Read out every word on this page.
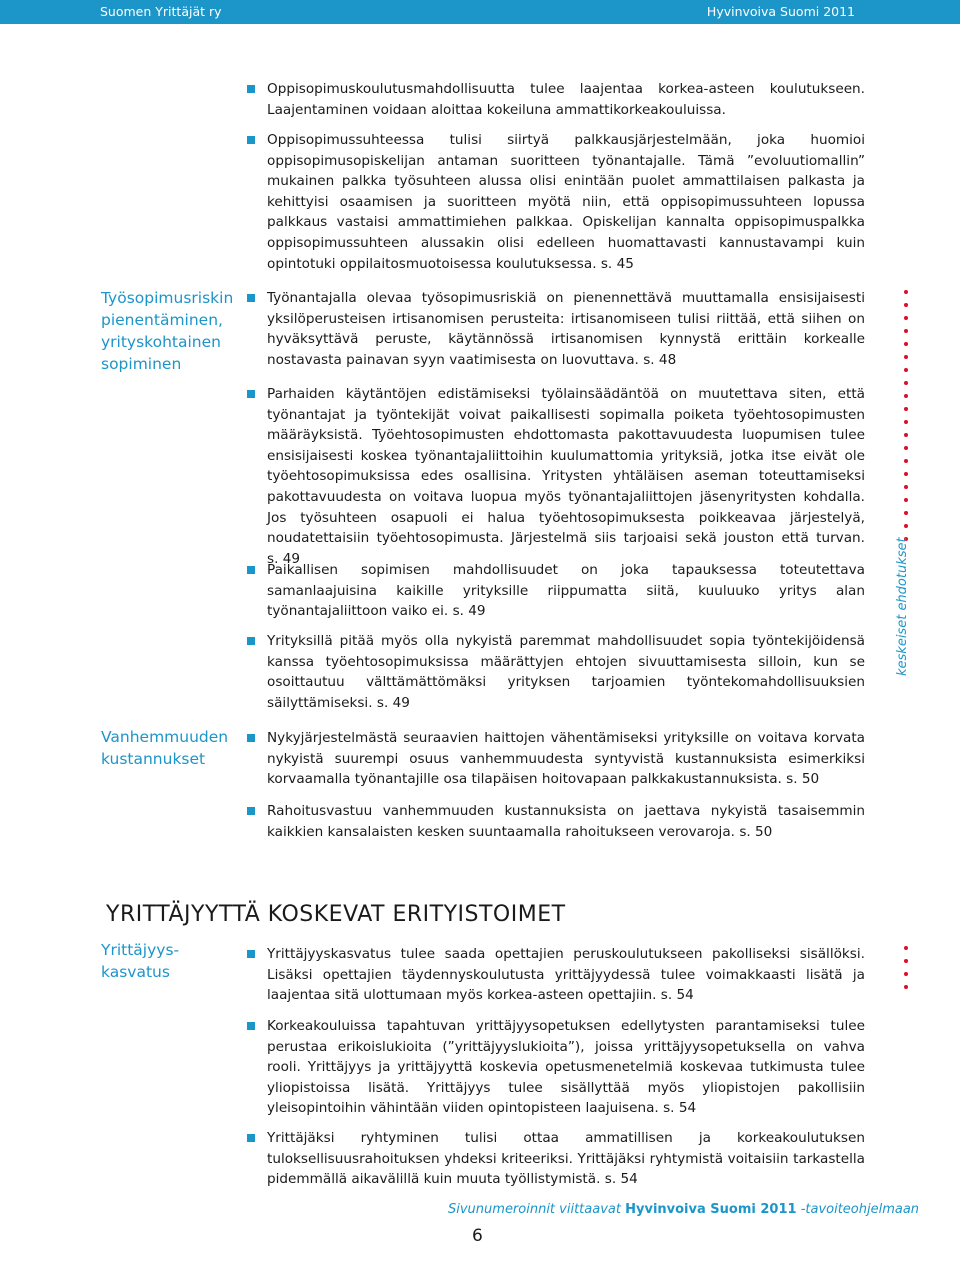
Suomen Yrittäjät ry	Hyvinvoiva Suomi 2011
Työsopimusriskin pienentäminen, yrityskohtainen sopiminen
Vanhemmuuden kustannukset
Yrittäjyys-
kasvatus
Oppisopimuskoulutusmahdollisuutta tulee laajentaa korkea-asteen koulutukseen. Laajentaminen voidaan aloittaa kokeiluna ammattikorkeakouluissa.
Oppisopimussuhteessa tulisi siirtyä palkkausjärjestelmään, joka huomioi oppisopimusopiskelijan antaman suoritteen työnantajalle. Tämä ”evoluutiomallin” mukainen palkka työsuhteen alussa olisi enintään puolet ammattilaisen palkasta ja kehittyisi osaamisen ja suoritteen myötä niin, että oppisopimussuhteen lopussa palkkaus vastaisi ammattimiehen palkkaa. Opiskelijan kannalta oppisopimuspalkka oppisopimussuhteen alussakin olisi edelleen huomattavasti kannustavampi kuin opintotuki oppilaitosmuotoisessa koulutuksessa. s. 45
Työnantajalla olevaa työsopimusriskiä on pienennettävä muuttamalla ensisijaisesti yksilöperusteisen irtisanomisen perusteita: irtisanomiseen tulisi riittää, että siihen on hyväksyttävä peruste, käytännössä irtisanomisen kynnystä erittäin korkealle nostavasta painavan syyn vaatimisesta on luovuttava. s. 48
Parhaiden käytäntöjen edistämiseksi työlainsäädäntöä on muutettava siten, että työnantajat ja työntekijät voivat paikallisesti sopimalla poiketa työehtosopimusten määräyksistä. Työehtosopimusten ehdottomasta pakottavuudesta luopumisen tulee ensisijaisesti koskea työnantajaliittoihin kuulumattomia yrityksiä, jotka itse eivät ole työehtosopimuksissa edes osallisina. Yritysten yhtäläisen aseman toteuttamiseksi pakottavuudesta on voitava luopua myös työnantajaliittojen jäsenyritysten kohdalla. Jos työsuhteen osapuoli ei halua työehtosopimuksesta poikkeavaa järjestelyä, noudatettaisiin työehtosopimusta. Järjestelmä siis tarjoaisi sekä jouston että turvan. s. 49
Paikallisen sopimisen mahdollisuudet on joka tapauksessa toteutettava samanlaajuisina kaikille yrityksille riippumatta siitä, kuuluuko yritys alan työnantajaliittoon vaiko ei. s. 49
Yrityksillä pitää myös olla nykyistä paremmat mahdollisuudet sopia työntekijöidensä kanssa työehtosopimuksissa määrättyjen ehtojen sivuuttamisesta silloin, kun se osoittautuu välttämättömäksi yrityksen tarjoamien työntekomahdollisuuksien säilyttämiseksi. s. 49
Nykyjärjestelmästä seuraavien haittojen vähentämiseksi yrityksille on voitava korvata nykyistä suurempi osuus vanhemmuudesta syntyvistä kustannuksista esimerkiksi korvaamalla työnantajille osa tilapäisen hoitovapaan palkkakustannuksista. s. 50
Rahoitusvastuu vanhemmuuden kustannuksista on jaettava nykyistä tasaisemmin kaikkien kansalaisten kesken suuntaamalla rahoitukseen verovaroja. s. 50
YRITTÄJYYTTÄ KOSKEVAT ERITYISTOIMET
Yrittäjyyskasvatus tulee saada opettajien peruskoulutukseen pakolliseksi sisällöksi. Lisäksi opettajien täydennyskoulutusta yrittäjyydessä tulee voimakkaasti lisätä ja laajentaa sitä ulottumaan myös korkea-asteen opettajiin. s. 54
Korkeakouluissa tapahtuvan yrittäjyysopetuksen edellytysten parantamiseksi tulee perustaa erikoislukioita (”yrittäjyyslukioita”), joissa yrittäjyysopetuksella on vahva rooli. Yrittäjyys ja yrittäjyyttä koskevia opetusmenetelmiä koskevaa tutkimusta tulee yliopistoissa lisätä. Yrittäjyys tulee sisällyttää myös yliopistojen pakollisiin yleisopintoihin vähintään viiden opintopisteen laajuisena. s. 54
Yrittäjäksi ryhtyminen tulisi ottaa ammatillisen ja korkeakoulutuksen tuloksellisuusrahoituksen yhdeksi kriteeriksi. Yrittäjäksi ryhtymistä voitaisiin tarkastella pidemmällä aikavälillä kuin muuta työllistymistä. s. 54
keskeiset ehdotukset
Sivunumeroinnit viittaavat Hyvinvoiva Suomi 2011 -tavoiteohjelmaan
6
